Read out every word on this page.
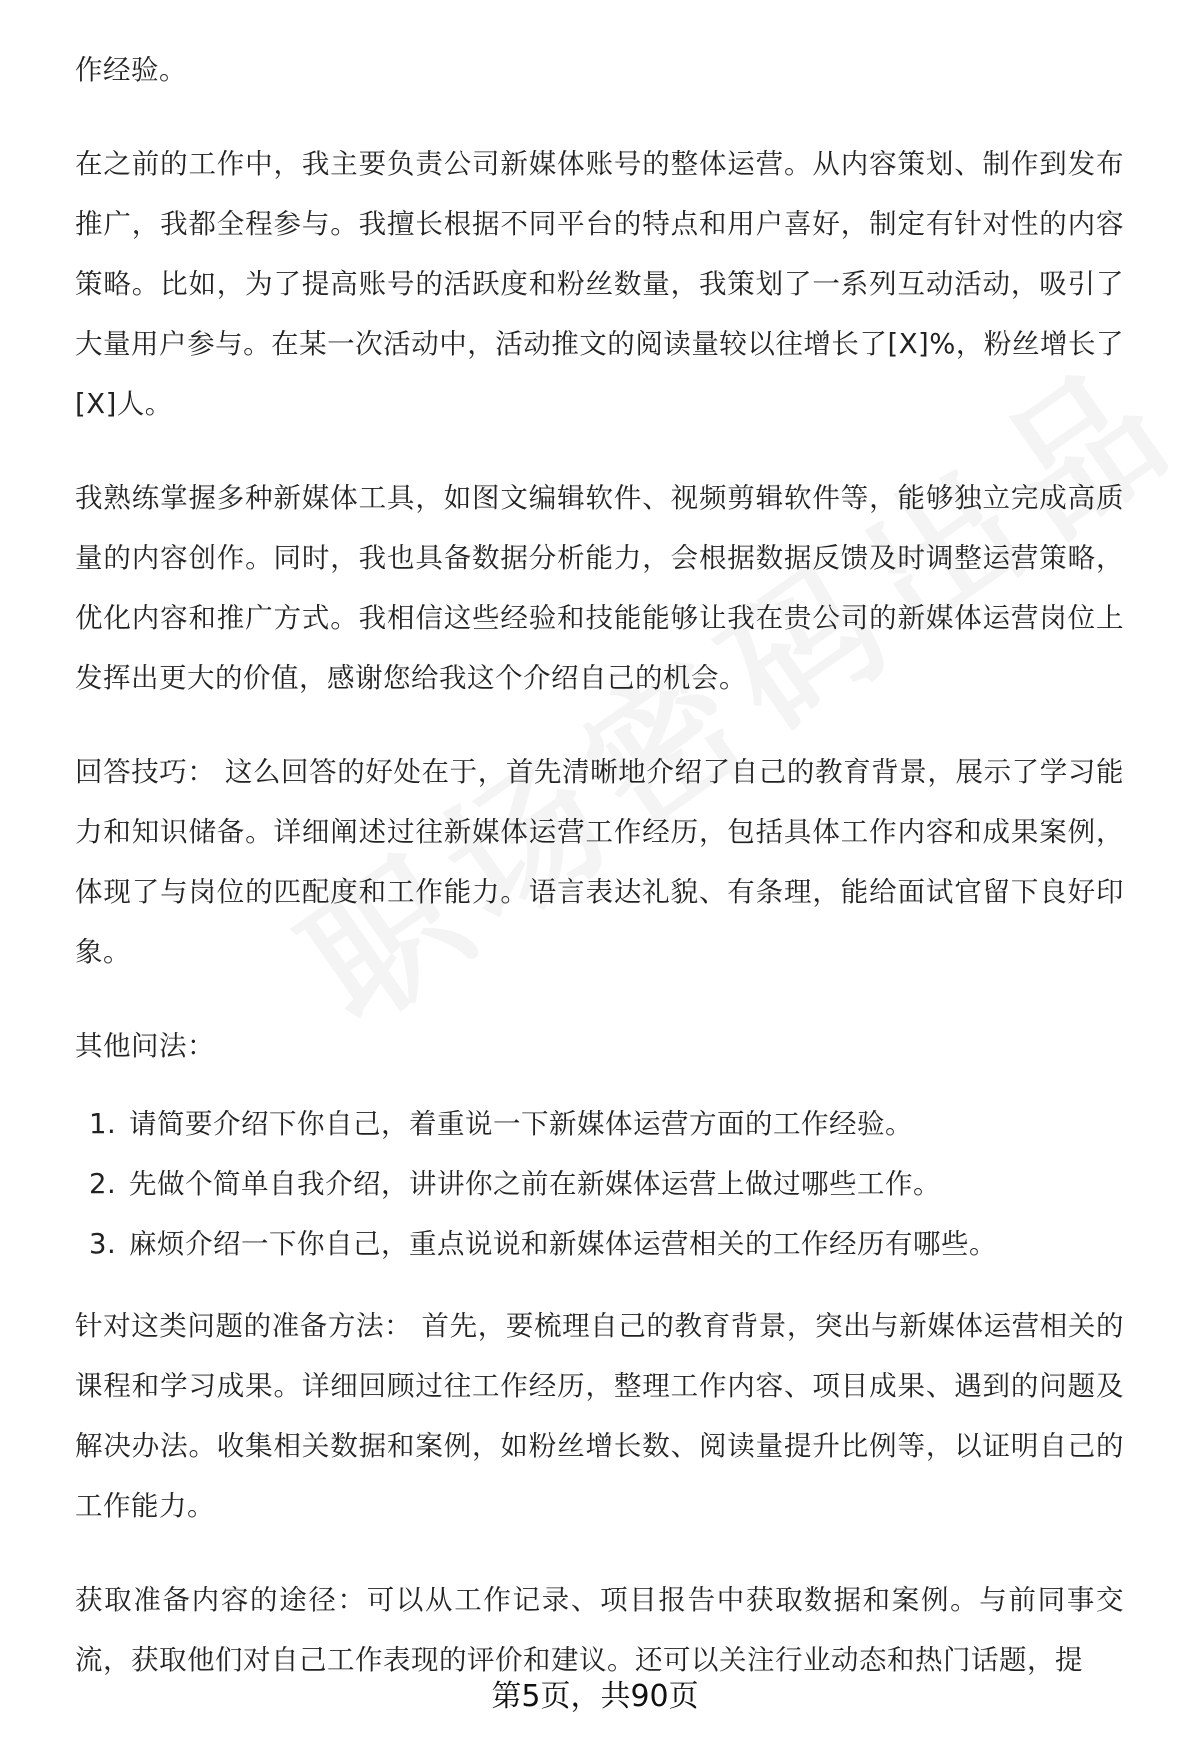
作经验。

在之前的工作中，我主要负责公司新媒体账号的整体运营。从内容策划、制作到发布推广，我都全程参与。我擅长根据不同平台的特点和用户喜好，制定有针对性的内容策略。比如，为了提高账号的活跃度和粉丝数量，我策划了一系列互动活动，吸引了大量用户参与。在某一次活动中，活动推文的阅读量较以往增长了[X]%，粉丝增长了[X]人。

我熟练掌握多种新媒体工具，如图文编辑软件、视频剪辑软件等，能够独立完成高质量的内容创作。同时，我也具备数据分析能力，会根据数据反馈及时调整运营策略，优化内容和推广方式。我相信这些经验和技能能够让我在贵公司的新媒体运营岗位上发挥出更大的价值，感谢您给我这个介绍自己的机会。

回答技巧： 这么回答的好处在于，首先清晰地介绍了自己的教育背景，展示了学习能力和知识储备。详细阐述过往新媒体运营工作经历，包括具体工作内容和成果案例，体现了与岗位的匹配度和工作能力。语言表达礼貌、有条理，能给面试官留下良好印象。

其他问法：

1. 请简要介绍下你自己，着重说一下新媒体运营方面的工作经验。
2. 先做个简单自我介绍，讲讲你之前在新媒体运营上做过哪些工作。
3. 麻烦介绍一下你自己，重点说说和新媒体运营相关的工作经历有哪些。

针对这类问题的准备方法： 首先，要梳理自己的教育背景，突出与新媒体运营相关的课程和学习成果。详细回顾过往工作经历，整理工作内容、项目成果、遇到的问题及解决办法。收集相关数据和案例，如粉丝增长数、阅读量提升比例等，以证明自己的工作能力。

获取准备内容的途径：可以从工作记录、项目报告中获取数据和案例。与前同事交流，获取他们对自己工作表现的评价和建议。还可以关注行业动态和热门话题，提

第5页，共90页
